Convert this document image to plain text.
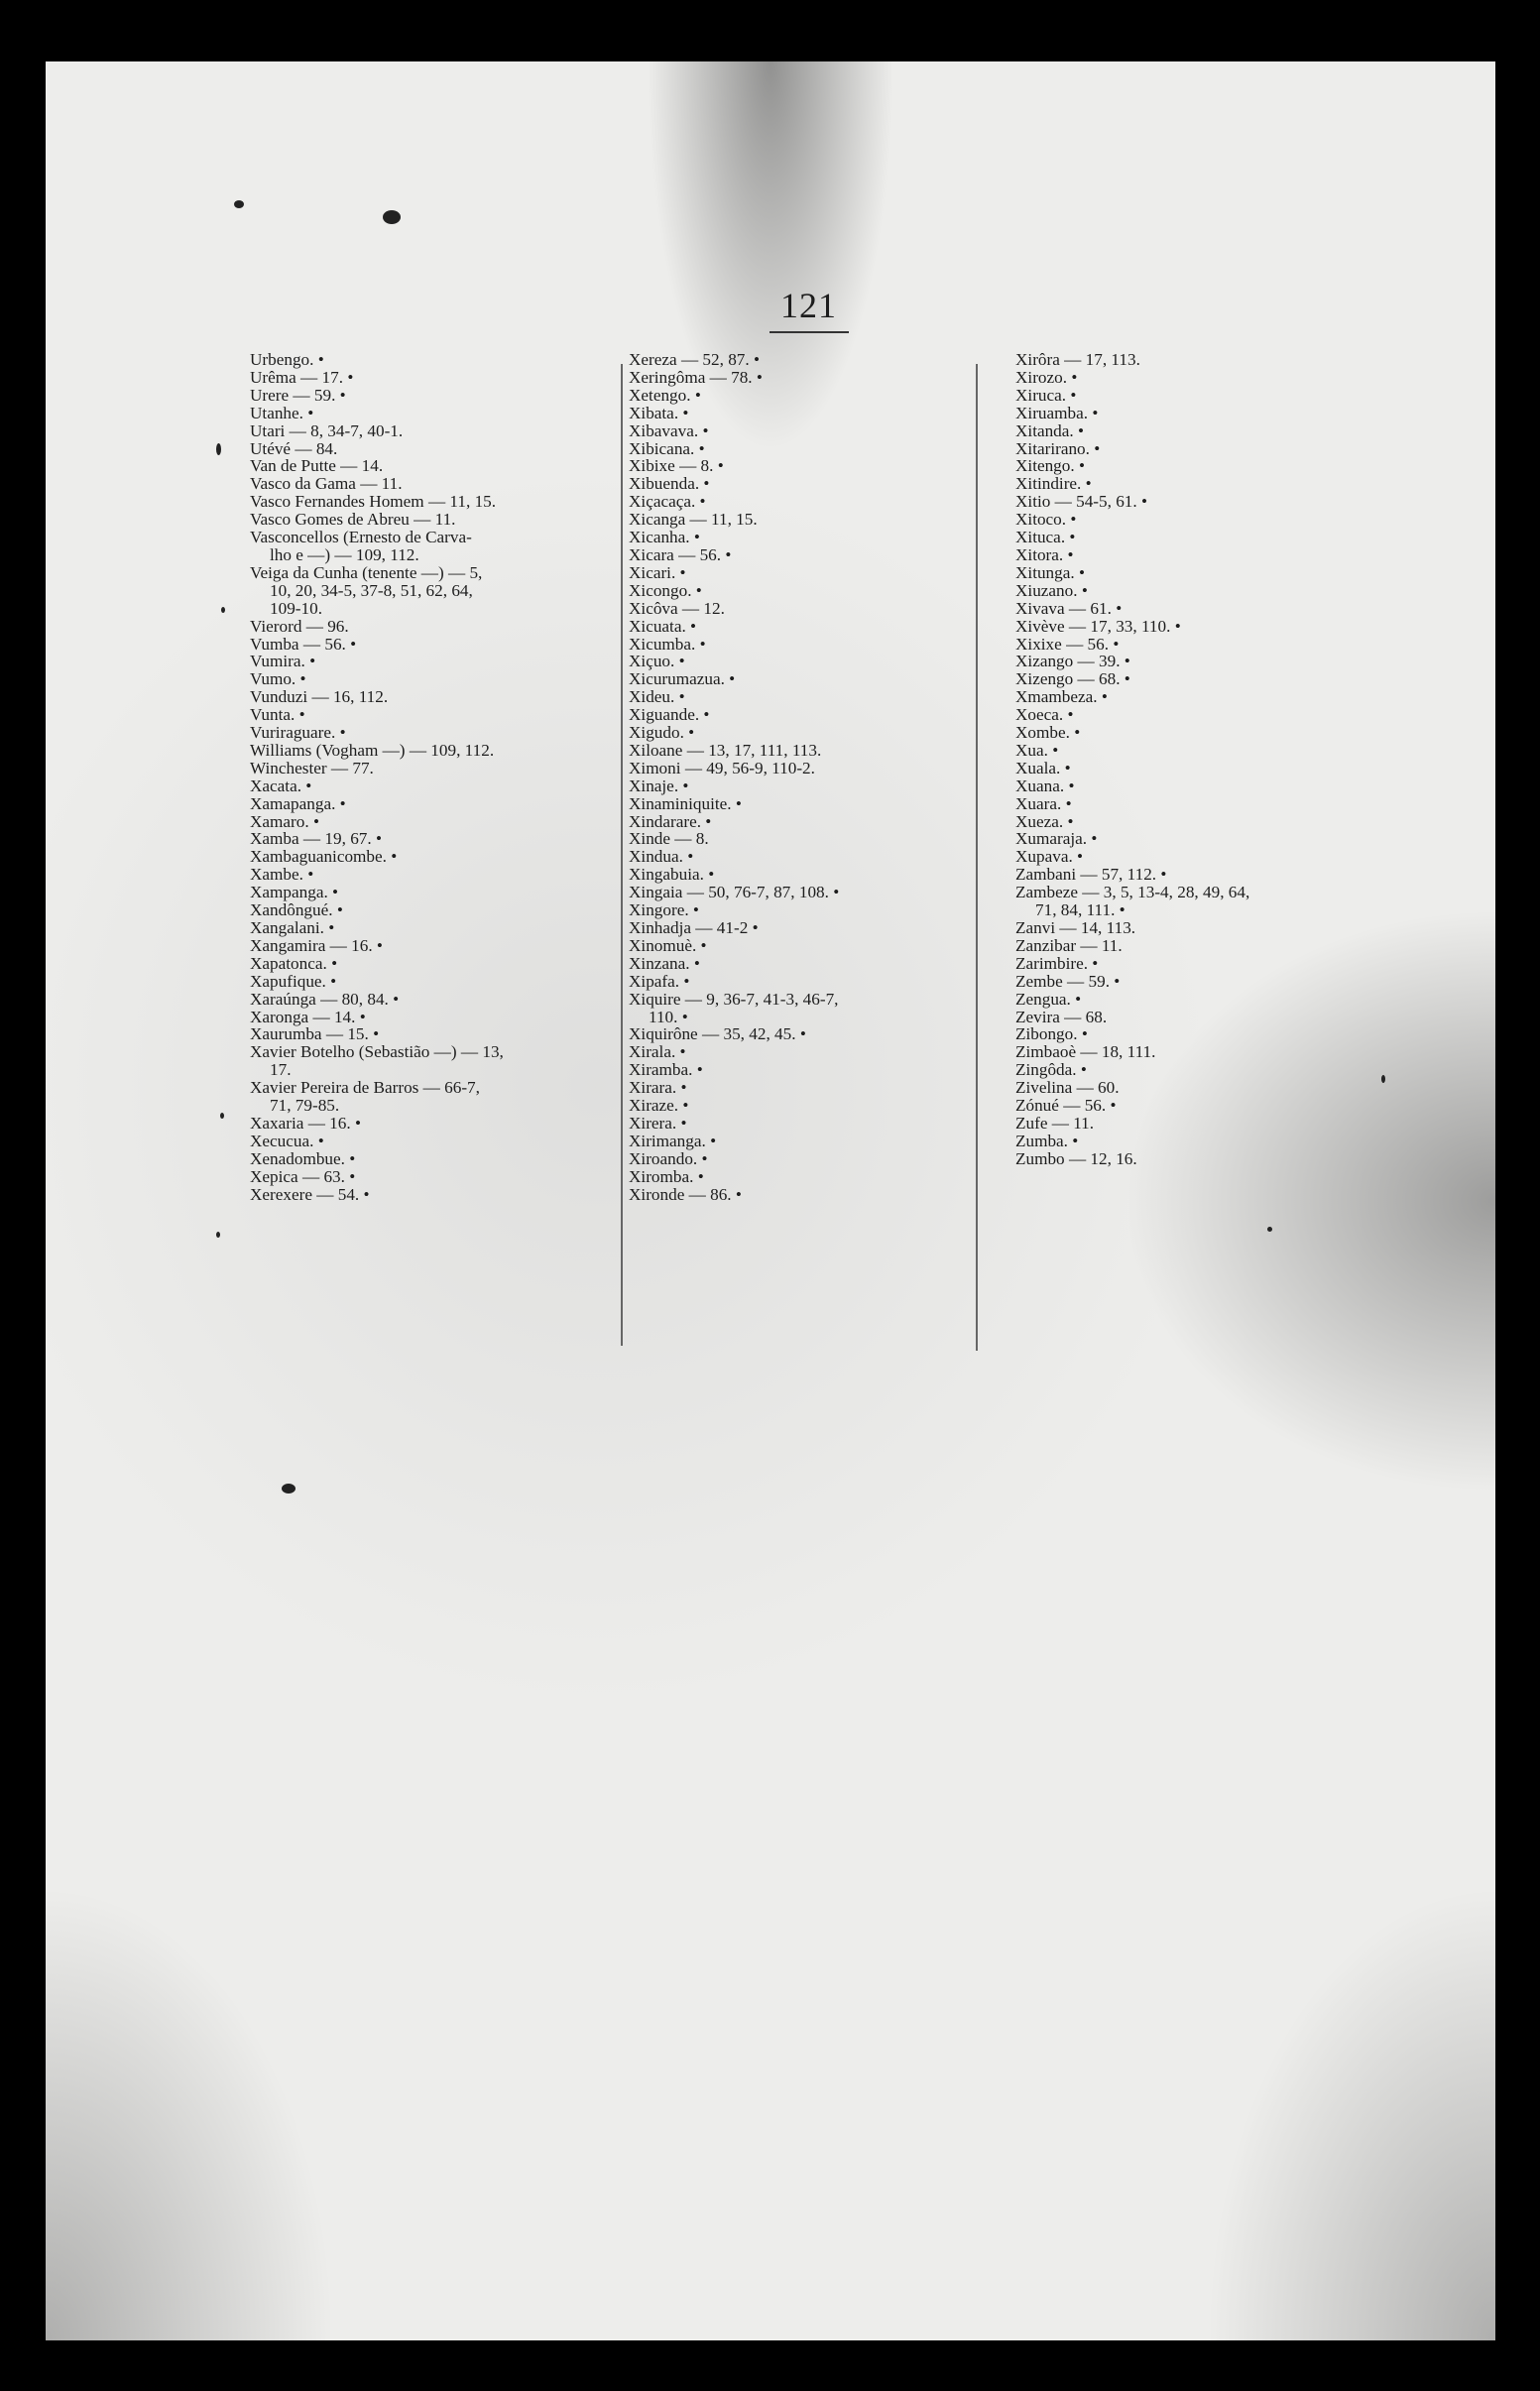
121
Urbengo. •
Urêma — 17. •
Urere — 59. •
Utanhe. •
Utari — 8, 34-7, 40-1.
Utévé — 84.
Van de Putte — 14.
Vasco da Gama — 11.
Vasco Fernandes Homem — 11, 15.
Vasco Gomes de Abreu — 11.
Vasconcellos (Ernesto de Carva-
lho e —) — 109, 112.
Veiga da Cunha (tenente —) — 5,
10, 20, 34-5, 37-8, 51, 62, 64,
109-10.
Vierord — 96.
Vumba — 56. •
Vumira. •
Vumo. •
Vunduzi — 16, 112.
Vunta. •
Vuriraguare. •
Williams (Vogham —) — 109, 112.
Winchester — 77.
Xacata. •
Xamapanga. •
Xamaro. •
Xamba — 19, 67. •
Xambaguanicombe. •
Xambe. •
Xampanga. •
Xandôngué. •
Xangalani. •
Xangamira — 16. •
Xapatonca. •
Xapufique. •
Xaraúnga — 80, 84. •
Xaronga — 14. •
Xaurumba — 15. •
Xavier Botelho (Sebastião —) — 13,
17.
Xavier Pereira de Barros — 66-7,
71, 79-85.
Xaxaria — 16. •
Xecucua. •
Xenadombue. •
Xepica — 63. •
Xerexere — 54. •
Xereza — 52, 87. •
Xeringôma — 78. •
Xetengo. •
Xibata. •
Xibavava. •
Xibicana. •
Xibixe — 8. •
Xibuenda. •
Xiçacaça. •
Xicanga — 11, 15.
Xicanha. •
Xicara — 56. •
Xicari. •
Xicongo. •
Xicôva — 12.
Xicuata. •
Xicumba. •
Xiçuo. •
Xicurumazua. •
Xideu. •
Xiguande. •
Xigudo. •
Xiloane — 13, 17, 111, 113.
Ximoni — 49, 56-9, 110-2.
Xinaje. •
Xinaminiquite. •
Xindarare. •
Xinde — 8.
Xindua. •
Xingabuia. •
Xingaia — 50, 76-7, 87, 108. •
Xingore. •
Xinhadja — 41-2 •
Xinomuè. •
Xinzana. •
Xipafa. •
Xiquire — 9, 36-7, 41-3, 46-7,
110. •
Xiquirône — 35, 42, 45. •
Xirala. •
Xiramba. •
Xirara. •
Xiraze. •
Xirera. •
Xirimanga. •
Xiroando. •
Xiromba. •
Xironde — 86. •
Xirôra — 17, 113.
Xirozo. •
Xiruca. •
Xiruamba. •
Xitanda. •
Xitarirano. •
Xitengo. •
Xitindire. •
Xitio — 54-5, 61. •
Xitoco. •
Xituca. •
Xitora. •
Xitunga. •
Xiuzano. •
Xivava — 61. •
Xivève — 17, 33, 110. •
Xixixe — 56. •
Xizango — 39. •
Xizengo — 68. •
Xmambeza. •
Xoeca. •
Xombe. •
Xua. •
Xuala. •
Xuana. •
Xuara. •
Xueza. •
Xumaraja. •
Xupava. •
Zambani — 57, 112. •
Zambeze — 3, 5, 13-4, 28, 49, 64,
71, 84, 111. •
Zanvi — 14, 113.
Zanzibar — 11.
Zarimbire. •
Zembe — 59. •
Zengua. •
Zevira — 68.
Zibongo. •
Zimbaoè — 18, 111.
Zingôda. •
Zivelina — 60.
Zónué — 56. •
Zufe — 11.
Zumba. •
Zumbo — 12, 16.
